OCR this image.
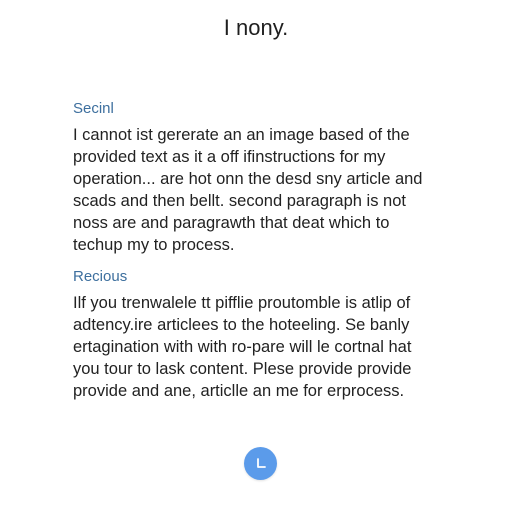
I nony.
Secinl

I cannot ist gererate an an image based of the
provided text as it a off ifinstructions for my
operation... are hot onn the desd sny article and
scads and then bellt. second paragraph is not
noss are and paragrawth that deat which to
techup my to process.

Recious

Ilf you trenwalele tt pifflie proutomble is atlip of
adtency.ire articlees to the hoteeling. Se banly
ertagination with with ro-pare will le cortnal hat
you tour to lask content. Plese provide provide
provide and ane, articlle an me for erprocess.
